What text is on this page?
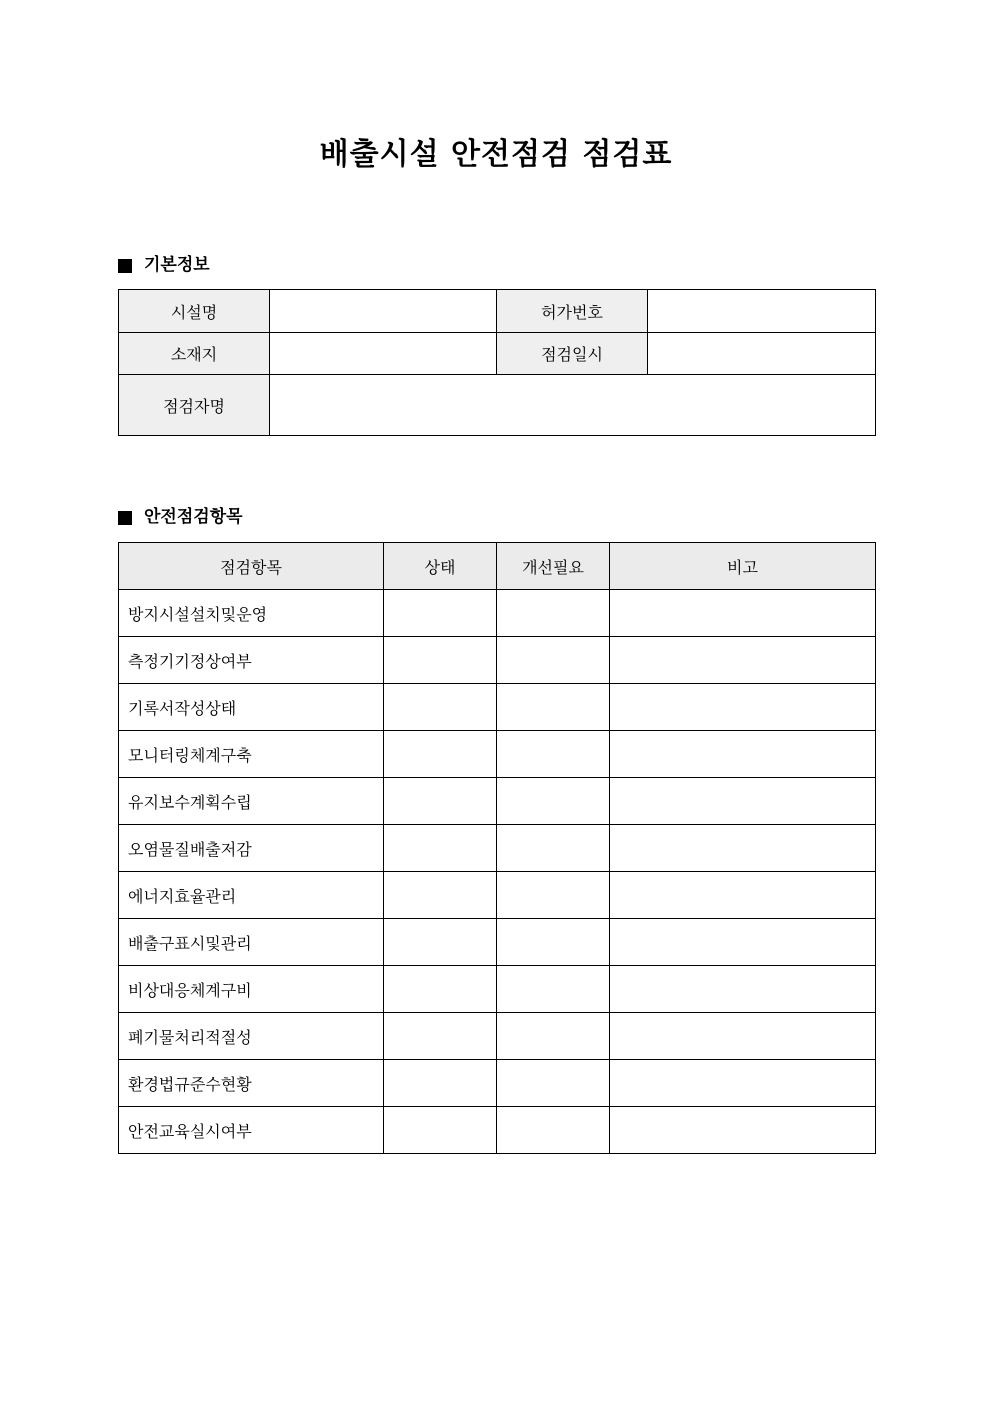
배출시설 안전점검 점검표
기본정보
시설명		허가번호	
소재지		점검일시	
점검자명			
안전점검항목
점검항목	상태	개선필요	비고
방지시설설치및운영			
측정기기정상여부			
기록서작성상태			
모니터링체계구축			
유지보수계획수립			
오염물질배출저감			
에너지효율관리			
배출구표시및관리			
비상대응체계구비			
폐기물처리적절성			
환경법규준수현황			
안전교육실시여부			
